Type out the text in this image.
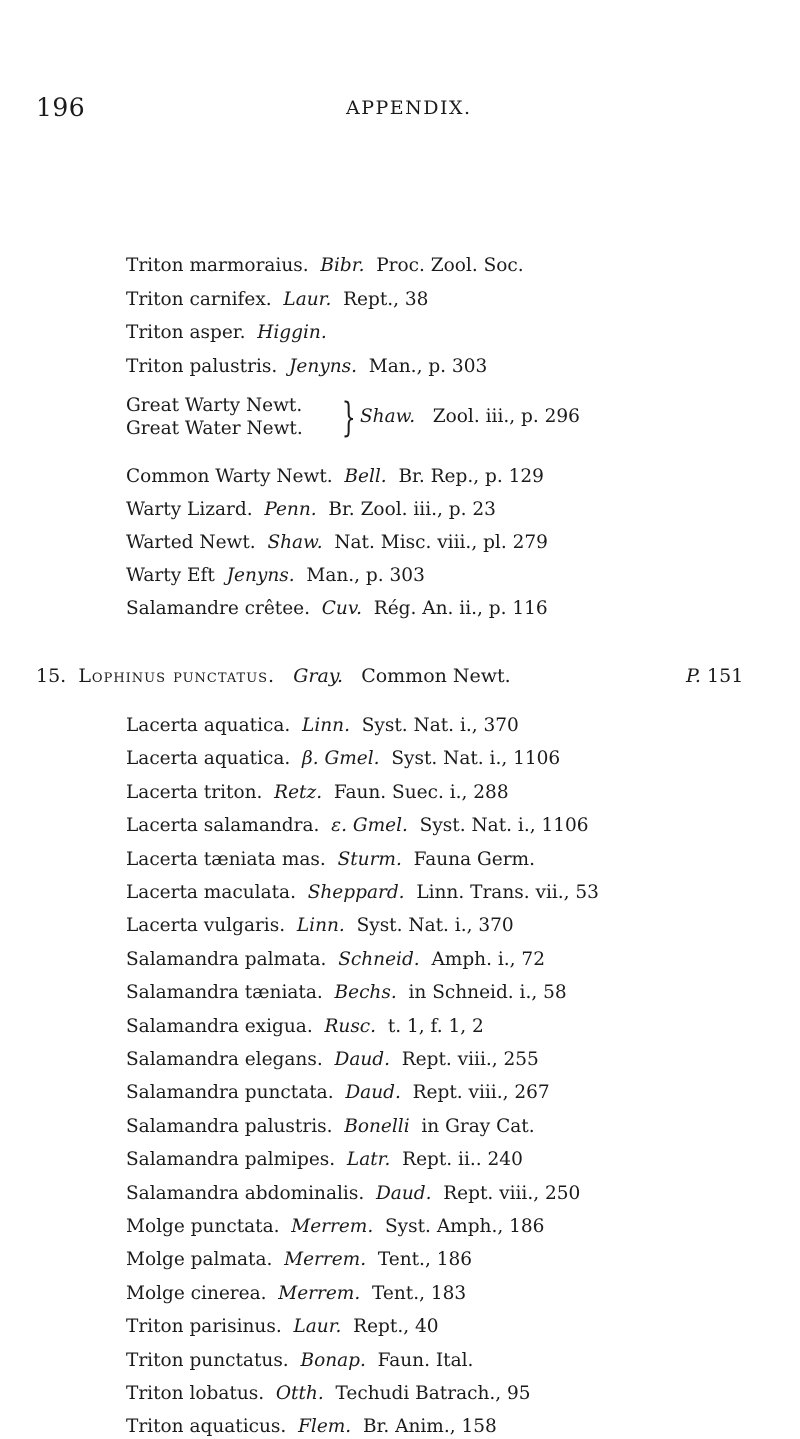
196	APPENDIX.
Triton marmoraius. Bibr. Proc. Zool. Soc.
Triton carnifex. Laur. Rept., 38
Triton asper. Higgin.
Triton palustris. Jenyns. Man., p. 303
Great Warty Newt.
Great Water Newt. } Shaw. Zool. iii., p. 296
Common Warty Newt. Bell. Br. Rep., p. 129
Warty Lizard. Penn. Br. Zool. iii., p. 23
Warted Newt. Shaw. Nat. Misc. viii., pl. 279
Warty Eft Jenyns. Man., p. 303
Salamandre crêtee. Cuv. Rég. An. ii., p. 116
15. Lophinus punctatus. Gray. Common Newt.	P. 151
Lacerta aquatica. Linn. Syst. Nat. i., 370
Lacerta aquatica. β. Gmel. Syst. Nat. i., 1106
Lacerta triton. Retz. Faun. Suec. i., 288
Lacerta salamandra. ε. Gmel. Syst. Nat. i., 1106
Lacerta tæniata mas. Sturm. Fauna Germ.
Lacerta maculata. Sheppard. Linn. Trans. vii., 53
Lacerta vulgaris. Linn. Syst. Nat. i., 370
Salamandra palmata. Schneid. Amph. i., 72
Salamandra tæniata. Bechs. in Schneid. i., 58
Salamandra exigua. Rusc. t. 1, f. 1, 2
Salamandra elegans. Daud. Rept. viii., 255
Salamandra punctata. Daud. Rept. viii., 267
Salamandra palustris. Bonelli in Gray Cat.
Salamandra palmipes. Latr. Rept. ii.. 240
Salamandra abdominalis. Daud. Rept. viii., 250
Molge punctata. Merrem. Syst. Amph., 186
Molge palmata. Merrem. Tent., 186
Molge cinerea. Merrem. Tent., 183
Triton parisinus. Laur. Rept., 40
Triton punctatus. Bonap. Faun. Ital.
Triton lobatus. Otth. Techudi Batrach., 95
Triton aquaticus. Flem. Br. Anim., 158
